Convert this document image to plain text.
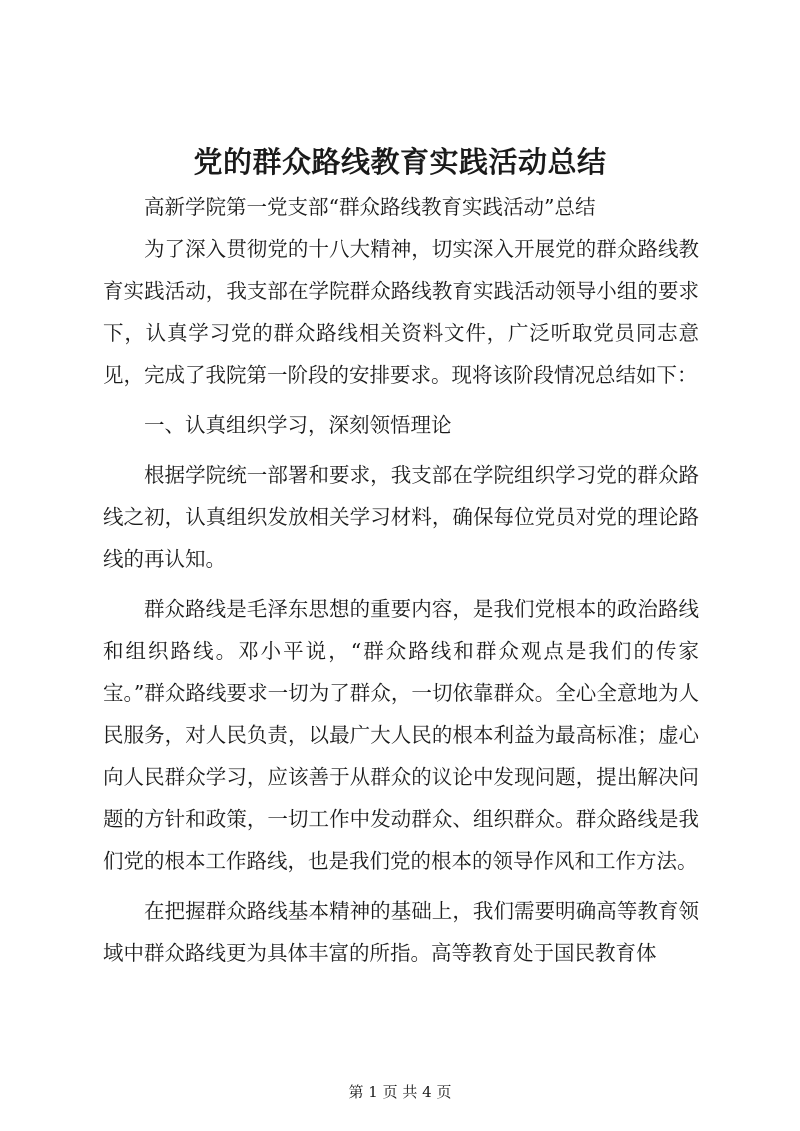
党的群众路线教育实践活动总结

高新学院第一党支部“群众路线教育实践活动”总结

为了深入贯彻党的十八大精神，切实深入开展党的群众路线教育实践活动，我支部在学院群众路线教育实践活动领导小组的要求下，认真学习党的群众路线相关资料文件，广泛听取党员同志意见，完成了我院第一阶段的安排要求。现将该阶段情况总结如下：

一、认真组织学习，深刻领悟理论

根据学院统一部署和要求，我支部在学院组织学习党的群众路线之初，认真组织发放相关学习材料，确保每位党员对党的理论路线的再认知。

群众路线是毛泽东思想的重要内容，是我们党根本的政治路线和组织路线。邓小平说，“群众路线和群众观点是我们的传家宝。”群众路线要求一切为了群众，一切依靠群众。全心全意地为人民服务，对人民负责，以最广大人民的根本利益为最高标准；虚心向人民群众学习，应该善于从群众的议论中发现问题，提出解决问题的方针和政策，一切工作中发动群众、组织群众。群众路线是我们党的根本工作路线，也是我们党的根本的领导作风和工作方法。

在把握群众路线基本精神的基础上，我们需要明确高等教育领域中群众路线更为具体丰富的所指。高等教育处于国民教育体

第 1 页 共 4 页
